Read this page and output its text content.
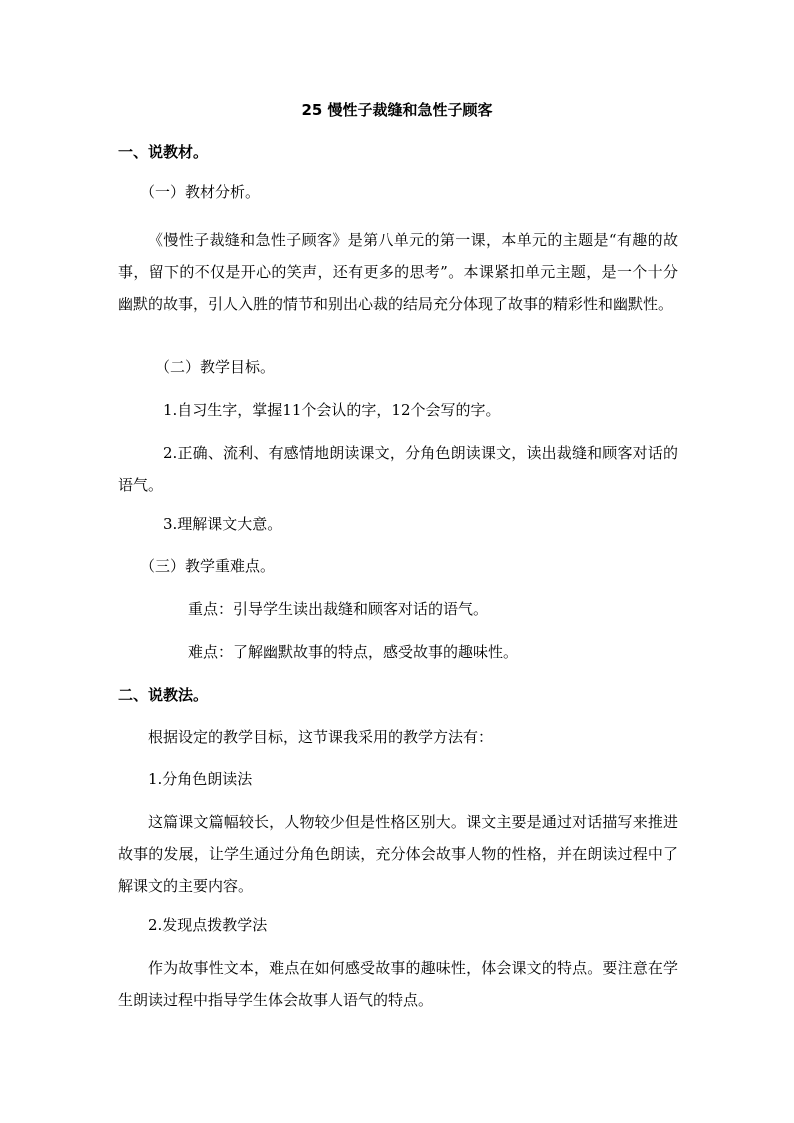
25 慢性子裁缝和急性子顾客
一、说教材。
（一）教材分析。
《慢性子裁缝和急性子顾客》是第八单元的第一课，本单元的主题是“有趣的故事，留下的不仅是开心的笑声，还有更多的思考”。本课紧扣单元主题，是一个十分幽默的故事，引人入胜的情节和别出心裁的结局充分体现了故事的精彩性和幽默性。
（二）教学目标。
1.自习生字，掌握11个会认的字，12个会写的字。
2.正确、流利、有感情地朗读课文，分角色朗读课文，读出裁缝和顾客对话的语气。
3.理解课文大意。
（三）教学重难点。
重点：引导学生读出裁缝和顾客对话的语气。
难点：了解幽默故事的特点，感受故事的趣味性。
二、说教法。
根据设定的教学目标，这节课我采用的教学方法有：
1.分角色朗读法
这篇课文篇幅较长，人物较少但是性格区别大。课文主要是通过对话描写来推进故事的发展，让学生通过分角色朗读，充分体会故事人物的性格，并在朗读过程中了解课文的主要内容。
2.发现点拨教学法
作为故事性文本，难点在如何感受故事的趣味性，体会课文的特点。要注意在学生朗读过程中指导学生体会故事人语气的特点。
